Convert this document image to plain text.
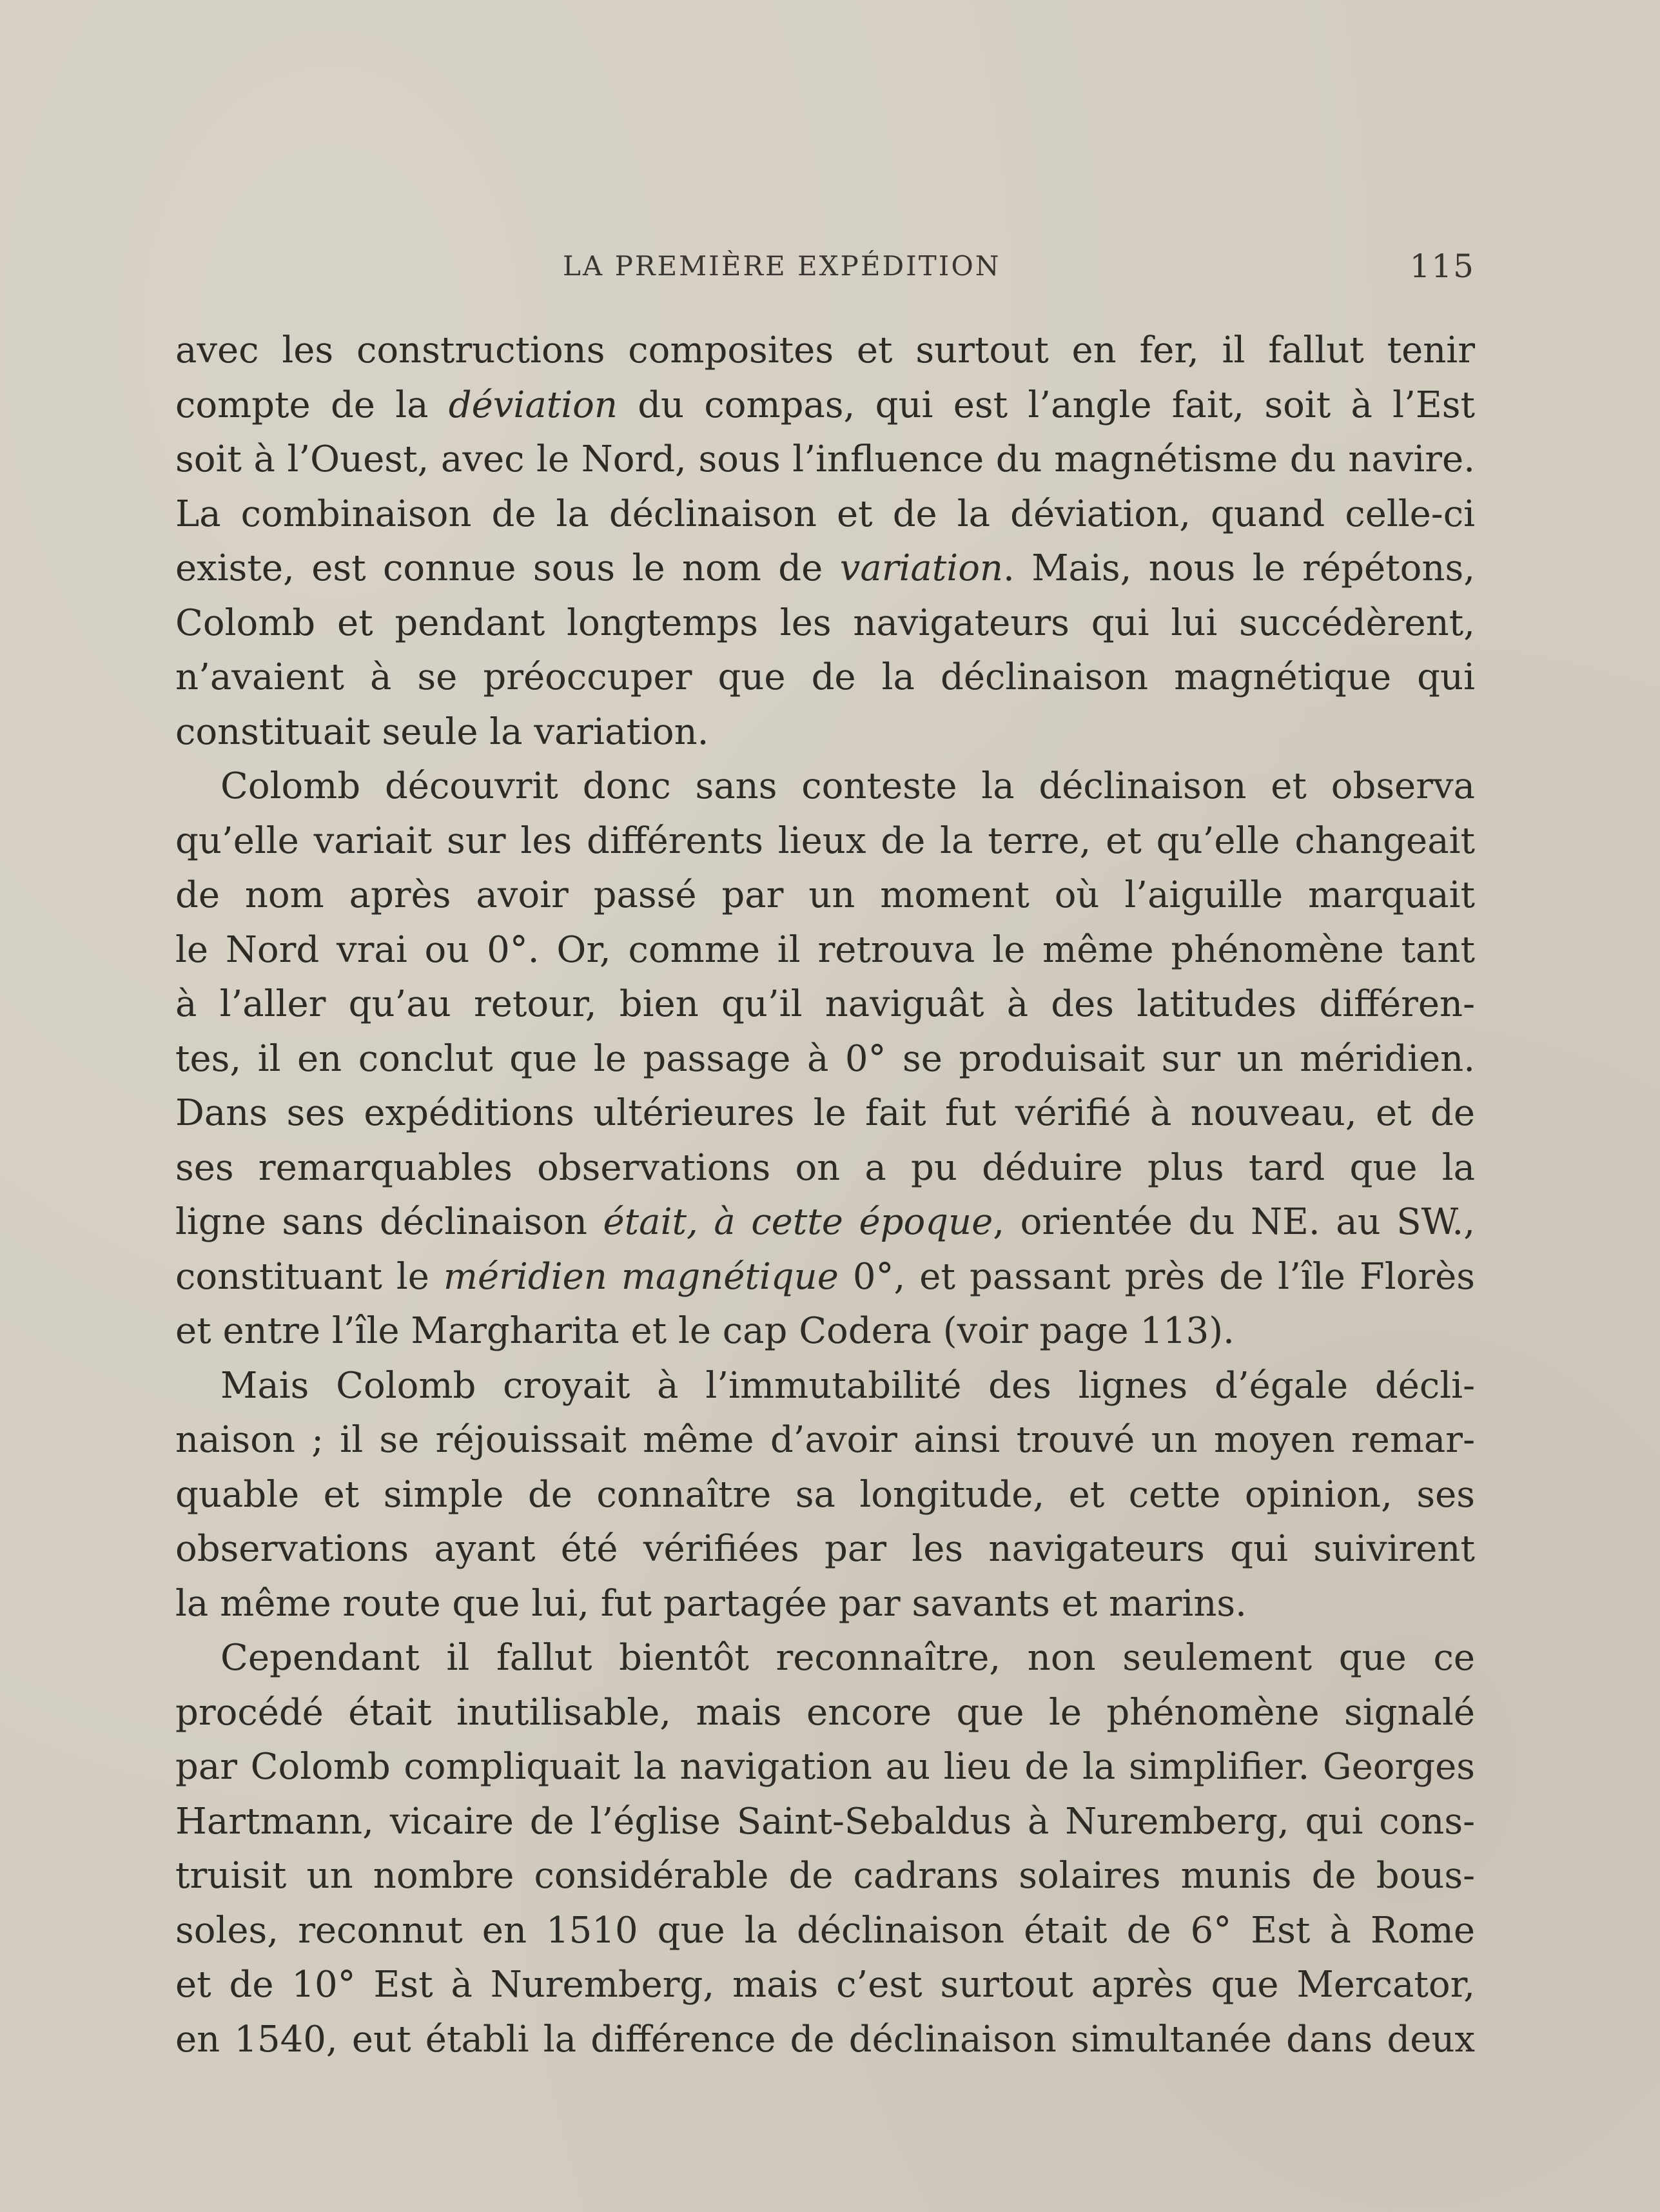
LA PREMIÈRE EXPÉDITION	115
avec les constructions composites et surtout en fer, il fallut tenir
compte de la déviation du compas, qui est l’angle fait, soit à l’Est
soit à l’Ouest, avec le Nord, sous l’influence du magnétisme du navire.
La combinaison de la déclinaison et de la déviation, quand celle-ci
existe, est connue sous le nom de variation. Mais, nous le répétons,
Colomb et pendant longtemps les navigateurs qui lui succédèrent,
n’avaient à se préoccuper que de la déclinaison magnétique qui
constituait seule la variation.
Colomb découvrit donc sans conteste la déclinaison et observa
qu’elle variait sur les différents lieux de la terre, et qu’elle changeait
de nom après avoir passé par un moment où l’aiguille marquait
le Nord vrai ou 0°. Or, comme il retrouva le même phénomène tant
à l’aller qu’au retour, bien qu’il naviguât à des latitudes différen-
tes, il en conclut que le passage à 0° se produisait sur un méridien.
Dans ses expéditions ultérieures le fait fut vérifié à nouveau, et de
ses remarquables observations on a pu déduire plus tard que la
ligne sans déclinaison était, à cette époque, orientée du NE. au SW.,
constituant le méridien magnétique 0°, et passant près de l’île Florès
et entre l’île Margharita et le cap Codera (voir page 113).
Mais Colomb croyait à l’immutabilité des lignes d’égale décli-
naison ; il se réjouissait même d’avoir ainsi trouvé un moyen remar-
quable et simple de connaître sa longitude, et cette opinion, ses
observations ayant été vérifiées par les navigateurs qui suivirent
la même route que lui, fut partagée par savants et marins.
Cependant il fallut bientôt reconnaître, non seulement que ce
procédé était inutilisable, mais encore que le phénomène signalé
par Colomb compliquait la navigation au lieu de la simplifier. Georges
Hartmann, vicaire de l’église Saint-Sebaldus à Nuremberg, qui cons-
truisit un nombre considérable de cadrans solaires munis de bous-
soles, reconnut en 1510 que la déclinaison était de 6° Est à Rome
et de 10° Est à Nuremberg, mais c’est surtout après que Mercator,
en 1540, eut établi la différence de déclinaison simultanée dans deux
